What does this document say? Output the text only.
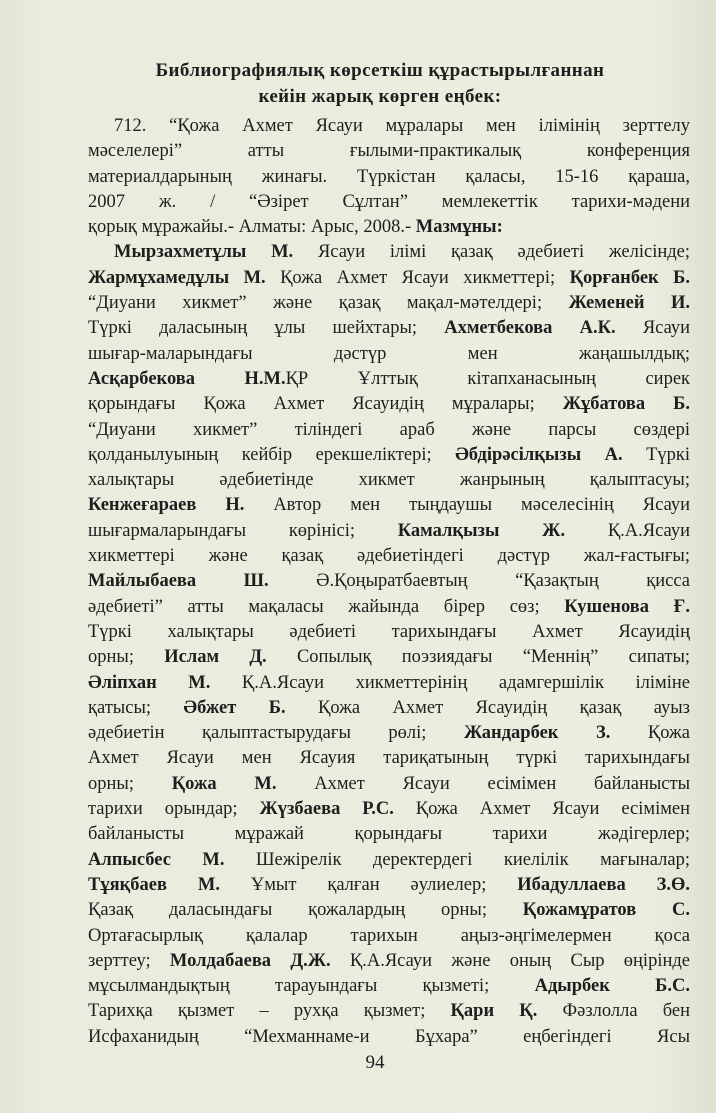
Библиографиялық көрсеткіш құрастырылғаннан
кейін жарық көрген еңбек:
712. “Қожа Ахмет Ясауи мұралары мен ілімінің зерттелу
мәселелері” атты ғылыми-практикалық конференция
материалдарының жинағы. Түркістан қаласы, 15-16 қараша,
2007 ж. / “Әзірет Сұлтан” мемлекеттік тарихи-мәдени
қорық мұражайы.- Алматы: Арыс, 2008.- Мазмұны:
Мырзахметұлы М. Ясауи ілімі қазақ әдебиеті желісінде;
Жармұхамедұлы М. Қожа Ахмет Ясауи хикметтері; Қорғанбек Б.
“Диуани хикмет” және қазақ мақал-мәтелдері; Жеменей И.
Түркі даласының ұлы шейхтары; Ахметбекова А.К. Ясауи
шығар-маларындағы дәстүр мен жаңашылдық;
Асқарбекова Н.М.ҚР Ұлттық кітапханасының сирек
қорындағы Қожа Ахмет Ясауидің мұралары; Жұбатова Б.
“Диуани хикмет” тіліндегі араб және парсы сөздері
қолданылуының кейбір ерекшеліктері; Әбдірәсілқызы А. Түркі
халықтары әдебиетінде хикмет жанрының қалыптасуы;
Кенжеғараев Н. Автор мен тыңдаушы мәселесінің Ясауи
шығармаларындағы көрінісі; Камалқызы Ж. Қ.А.Ясауи
хикметтері және қазақ әдебиетіндегі дәстүр жал-ғастығы;
Майлыбаева Ш. Ә.Қоңыратбаевтың “Қазақтың қисса
әдебиеті” атты мақаласы жайында бірер сөз; Кушенова Ғ.
Түркі халықтары әдебиеті тарихындағы Ахмет Ясауидің
орны; Ислам Д. Сопылық поэзиядағы “Меннің” сипаты;
Әліпхан М. Қ.А.Ясауи хикметтерінің адамгершілік іліміне
қатысы; Әбжет Б. Қожа Ахмет Ясауидің қазақ ауыз
әдебиетін қалыптастырудағы рөлі; Жандарбек З. Қожа
Ахмет Ясауи мен Ясауия тариқатының түркі тарихындағы
орны; Қожа М. Ахмет Ясауи есімімен байланысты
тарихи орындар; Жүзбаева Р.С. Қожа Ахмет Ясауи есімімен
байланысты мұражай қорындағы тарихи жәдігерлер;
Алпысбес М. Шежірелік деректердегі киелілік мағыналар;
Тұяқбаев М. Ұмыт қалған әулиелер; Ибадуллаева З.Ө.
Қазақ даласындағы қожалардың орны; Қожамұратов С.
Ортағасырлық қалалар тарихын аңыз-әңгімелермен қоса
зерттеу; Молдабаева Д.Ж. Қ.А.Ясауи және оның Сыр өңірінде
мұсылмандықтың тарауындағы қызметі; Адырбек Б.С.
Тарихқа қызмет – рухқа қызмет; Қари Қ. Фәзлолла бен
Исфаханидың “Мехманнаме-и Бұхара” еңбегіндегі Ясы
94
